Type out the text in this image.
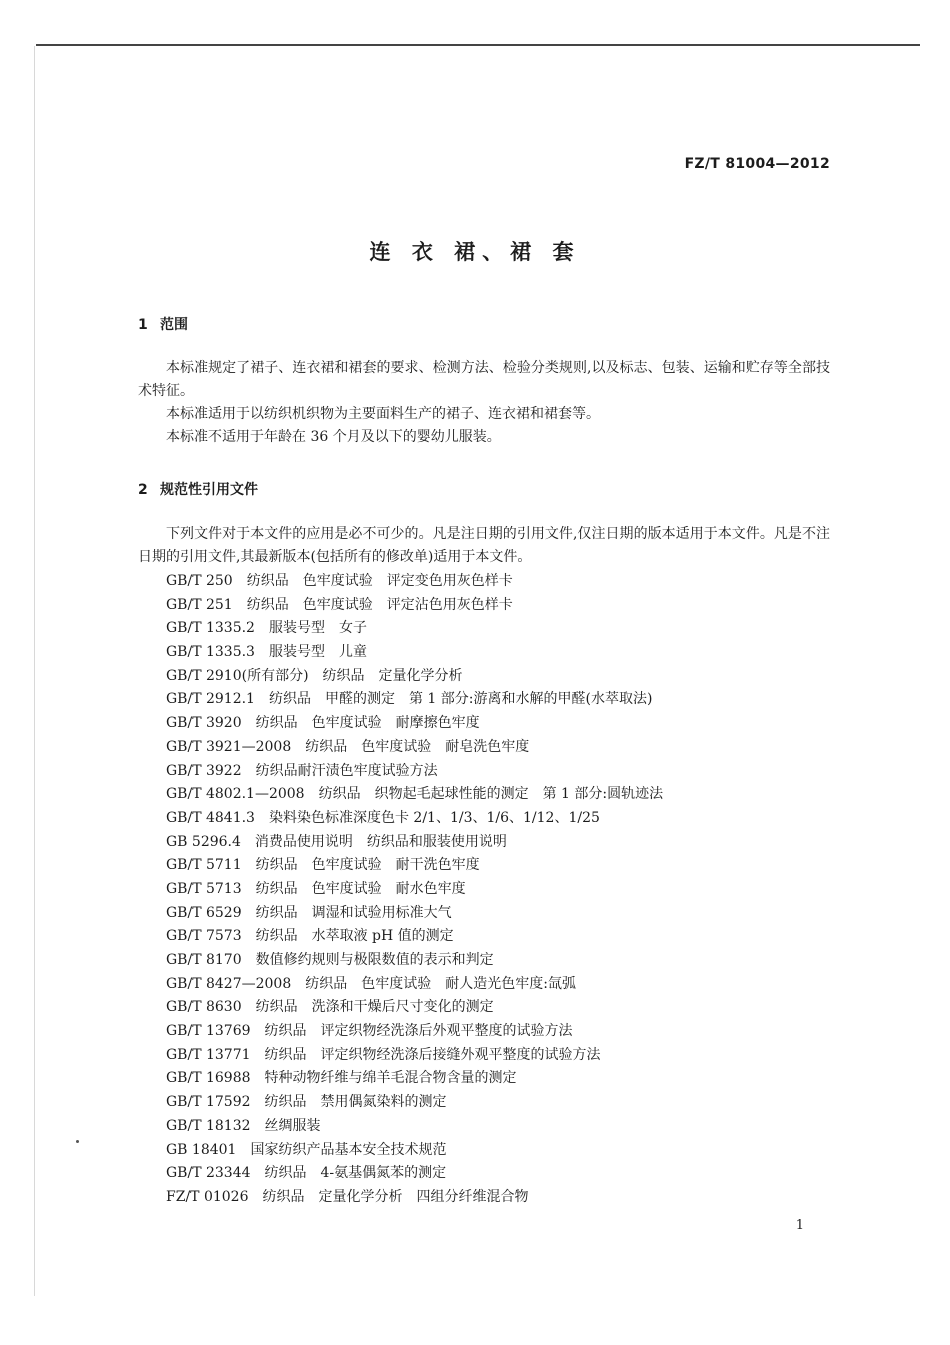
FZ/T 81004—2012
连 衣 裙、裙 套
1 范围
本标准规定了裙子、连衣裙和裙套的要求、检测方法、检验分类规则,以及标志、包装、运输和贮存等全部技术特征。
本标准适用于以纺织机织物为主要面料生产的裙子、连衣裙和裙套等。
本标准不适用于年龄在 36 个月及以下的婴幼儿服装。
2 规范性引用文件
下列文件对于本文件的应用是必不可少的。凡是注日期的引用文件,仅注日期的版本适用于本文件。凡是不注日期的引用文件,其最新版本(包括所有的修改单)适用于本文件。
GB/T 250　纺织品　色牢度试验　评定变色用灰色样卡
GB/T 251　纺织品　色牢度试验　评定沾色用灰色样卡
GB/T 1335.2　服装号型　女子
GB/T 1335.3　服装号型　儿童
GB/T 2910(所有部分)　纺织品　定量化学分析
GB/T 2912.1　纺织品　甲醛的测定　第 1 部分:游离和水解的甲醛(水萃取法)
GB/T 3920　纺织品　色牢度试验　耐摩擦色牢度
GB/T 3921—2008　纺织品　色牢度试验　耐皂洗色牢度
GB/T 3922　纺织品耐汗渍色牢度试验方法
GB/T 4802.1—2008　纺织品　织物起毛起球性能的测定　第 1 部分:圆轨迹法
GB/T 4841.3　染料染色标准深度色卡 2/1、1/3、1/6、1/12、1/25
GB 5296.4　消费品使用说明　纺织品和服装使用说明
GB/T 5711　纺织品　色牢度试验　耐干洗色牢度
GB/T 5713　纺织品　色牢度试验　耐水色牢度
GB/T 6529　纺织品　调湿和试验用标准大气
GB/T 7573　纺织品　水萃取液 pH 值的测定
GB/T 8170　数值修约规则与极限数值的表示和判定
GB/T 8427—2008　纺织品　色牢度试验　耐人造光色牢度:氙弧
GB/T 8630　纺织品　洗涤和干燥后尺寸变化的测定
GB/T 13769　纺织品　评定织物经洗涤后外观平整度的试验方法
GB/T 13771　纺织品　评定织物经洗涤后接缝外观平整度的试验方法
GB/T 16988　特种动物纤维与绵羊毛混合物含量的测定
GB/T 17592　纺织品　禁用偶氮染料的测定
GB/T 18132　丝绸服装
GB 18401　国家纺织产品基本安全技术规范
GB/T 23344　纺织品　4-氨基偶氮苯的测定
FZ/T 01026　纺织品　定量化学分析　四组分纤维混合物
1
